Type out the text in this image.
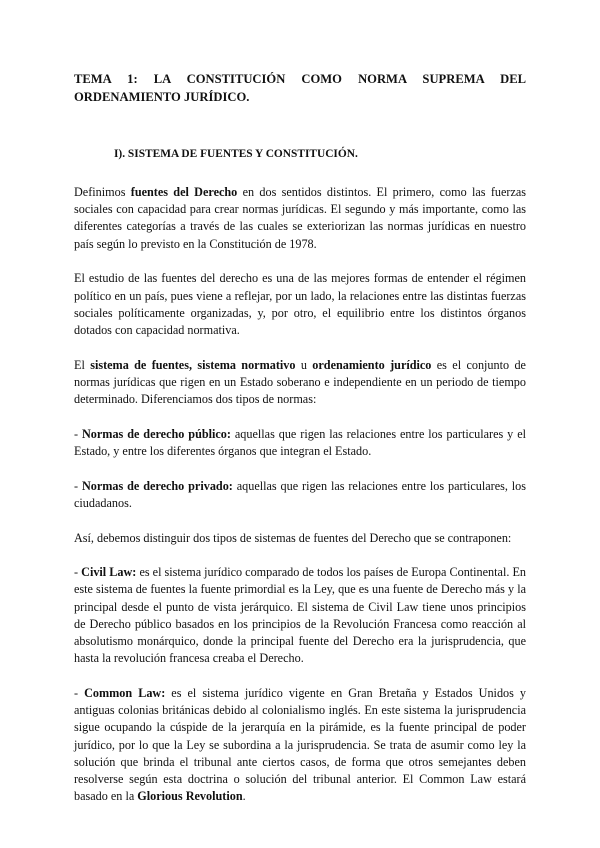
TEMA 1: LA CONSTITUCIÓN COMO NORMA SUPREMA DEL
ORDENAMIENTO JURÍDICO.
I). SISTEMA DE FUENTES Y CONSTITUCIÓN.

Definimos fuentes del Derecho en dos sentidos distintos. El primero, como las fuerzas sociales con capacidad para crear normas jurídicas. El segundo y más importante, como las diferentes categorías a través de las cuales se exteriorizan las normas jurídicas en nuestro país según lo previsto en la Constitución de 1978.

El estudio de las fuentes del derecho es una de las mejores formas de entender el régimen político en un país, pues viene a reflejar, por un lado, la relaciones entre las distintas fuerzas sociales políticamente organizadas, y, por otro, el equilibrio entre los distintos órganos dotados con capacidad normativa.

El sistema de fuentes, sistema normativo u ordenamiento jurídico es el conjunto de normas jurídicas que rigen en un Estado soberano e independiente en un periodo de tiempo determinado. Diferenciamos dos tipos de normas:

- Normas de derecho público: aquellas que rigen las relaciones entre los particulares y el Estado, y entre los diferentes órganos que integran el Estado.

- Normas de derecho privado: aquellas que rigen las relaciones entre los particulares, los ciudadanos.

Así, debemos distinguir dos tipos de sistemas de fuentes del Derecho que se contraponen:

- Civil Law: es el sistema jurídico comparado de todos los países de Europa Continental. En este sistema de fuentes la fuente primordial es la Ley, que es una fuente de Derecho más y la principal desde el punto de vista jerárquico. El sistema de Civil Law tiene unos principios de Derecho público basados en los principios de la Revolución Francesa como reacción al absolutismo monárquico, donde la principal fuente del Derecho era la jurisprudencia, que hasta la revolución francesa creaba el Derecho.

- Common Law: es el sistema jurídico vigente en Gran Bretaña y Estados Unidos y antiguas colonias británicas debido al colonialismo inglés. En este sistema la jurisprudencia sigue ocupando la cúspide de la jerarquía en la pirámide, es la fuente principal de poder jurídico, por lo que la Ley se subordina a la jurisprudencia. Se trata de asumir como ley la solución que brinda el tribunal ante ciertos casos, de forma que otros semejantes deben resolverse según esta doctrina o solución del tribunal anterior. El Common Law estará basado en la Glorious Revolution.
